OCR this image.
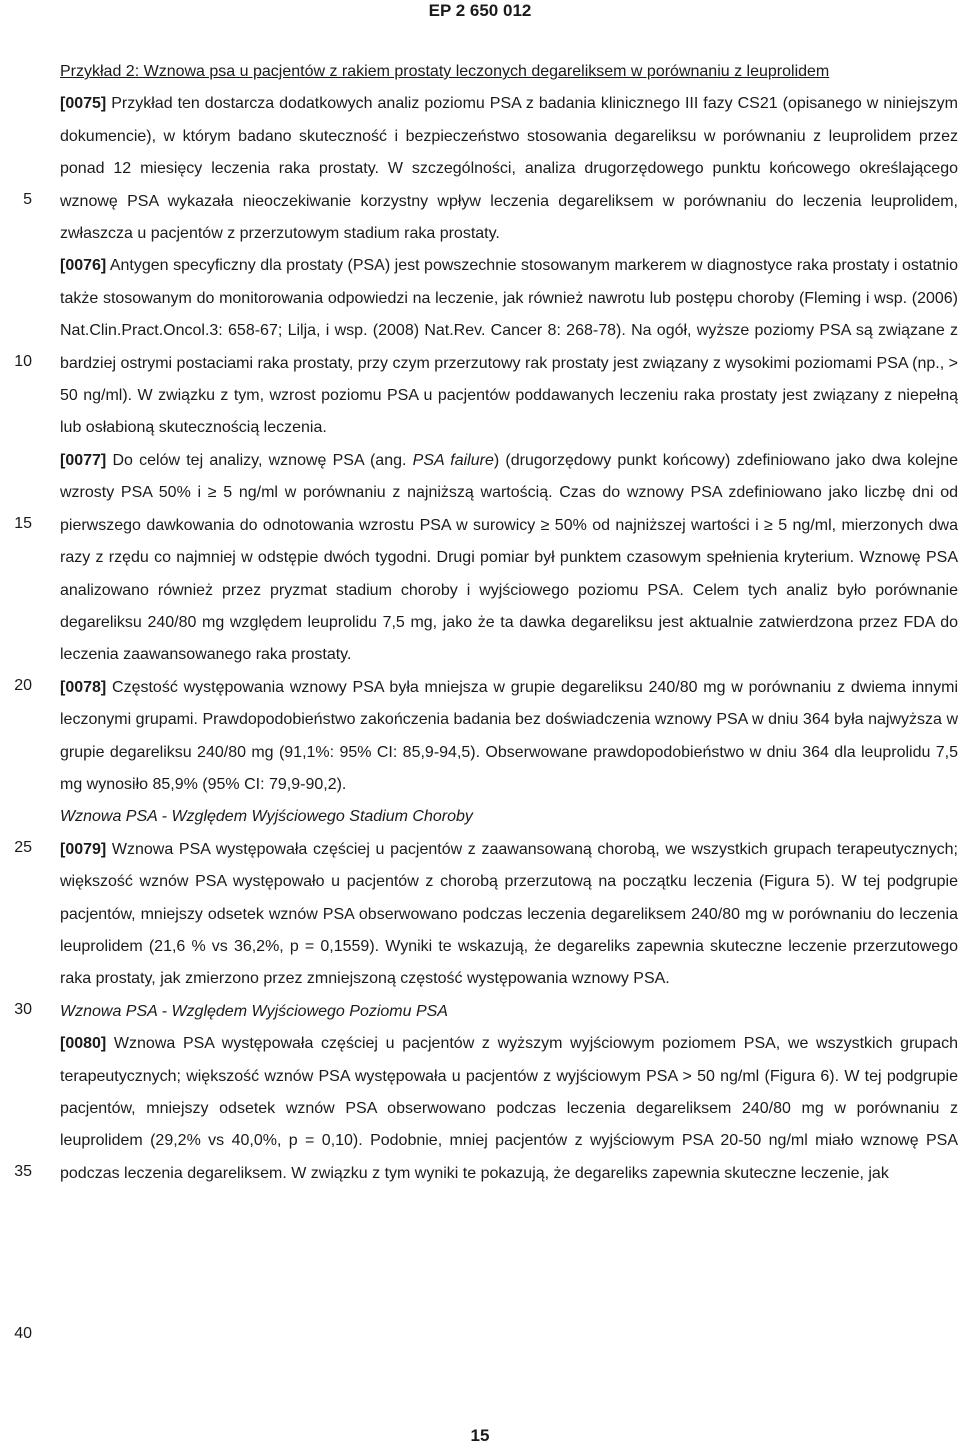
EP 2 650 012
5
10
15
20
25
30
35
40

Przykład 2: Wznowa psa u pacjentów z rakiem prostaty leczonych degareliksem w porównaniu z leuprolidem

[0075] Przykład ten dostarcza dodatkowych analiz poziomu PSA z badania klinicznego III fazy CS21 (opisanego w niniejszym dokumencie), w którym badano skuteczność i bezpieczeństwo stosowania degareliksu w porównaniu z leuprolidem przez ponad 12 miesięcy leczenia raka prostaty. W szczególności, analiza drugorzędowego punktu końcowego określającego wznowę PSA wykazała nieoczekiwanie korzystny wpływ leczenia degareliksem w porównaniu do leczenia leuprolidem, zwłaszcza u pacjentów z przerzutowym stadium raka prostaty.

[0076] Antygen specyficzny dla prostaty (PSA) jest powszechnie stosowanym markerem w diagnostyce raka prostaty i ostatnio także stosowanym do monitorowania odpowiedzi na leczenie, jak również nawrotu lub postępu choroby (Fleming i wsp. (2006) Nat.Clin.Pract.Oncol.3: 658-67; Lilja, i wsp. (2008) Nat.Rev. Cancer 8: 268-78). Na ogół, wyższe poziomy PSA są związane z bardziej ostrymi postaciami raka prostaty, przy czym przerzutowy rak prostaty jest związany z wysokimi poziomami PSA (np., > 50 ng/ml). W związku z tym, wzrost poziomu PSA u pacjentów poddawanych leczeniu raka prostaty jest związany z niepełną lub osłabioną skutecznością leczenia.

[0077] Do celów tej analizy, wznowę PSA (ang. PSA failure) (drugorzędowy punkt końcowy) zdefiniowano jako dwa kolejne wzrosty PSA 50% i ≥ 5 ng/ml w porównaniu z najniższą wartością. Czas do wznowy PSA zdefiniowano jako liczbę dni od pierwszego dawkowania do odnotowania wzrostu PSA w surowicy ≥ 50% od najniższej wartości i ≥ 5 ng/ml, mierzonych dwa razy z rzędu co najmniej w odstępie dwóch tygodni. Drugi pomiar był punktem czasowym spełnienia kryterium. Wznowę PSA analizowano również przez pryzmat stadium choroby i wyjściowego poziomu PSA. Celem tych analiz było porównanie degareliksu 240/80 mg względem leuprolidu 7,5 mg, jako że ta dawka degareliksu jest aktualnie zatwierdzona przez FDA do leczenia zaawansowanego raka prostaty.

[0078] Częstość występowania wznowy PSA była mniejsza w grupie degareliksu 240/80 mg w porównaniu z dwiema innymi leczonymi grupami. Prawdopodobieństwo zakończenia badania bez doświadczenia wznowy PSA w dniu 364 była najwyższa w grupie degareliksu 240/80 mg (91,1%: 95% CI: 85,9-94,5). Obserwowane prawdopodobieństwo w dniu 364 dla leuprolidu 7,5 mg wynosiło 85,9% (95% CI: 79,9-90,2).

Wznowa PSA - Względem Wyjściowego Stadium Choroby

[0079] Wznowa PSA występowała częściej u pacjentów z zaawansowaną chorobą, we wszystkich grupach terapeutycznych; większość wznów PSA występowało u pacjentów z chorobą przerzutową na początku leczenia (Figura 5). W tej podgrupie pacjentów, mniejszy odsetek wznów PSA obserwowano podczas leczenia degareliksem 240/80 mg w porównaniu do leczenia leuprolidem (21,6 % vs 36,2%, p = 0,1559). Wyniki te wskazują, że degareliks zapewnia skuteczne leczenie przerzutowego raka prostaty, jak zmierzono przez zmniejszoną częstość występowania wznowy PSA.

Wznowa PSA - Względem Wyjściowego Poziomu PSA

[0080] Wznowa PSA występowała częściej u pacjentów z wyższym wyjściowym poziomem PSA, we wszystkich grupach terapeutycznych; większość wznów PSA występowała u pacjentów z wyjściowym PSA > 50 ng/ml (Figura 6). W tej podgrupie pacjentów, mniejszy odsetek wznów PSA obserwowano podczas leczenia degareliksem 240/80 mg w porównaniu z leuprolidem (29,2% vs 40,0%, p = 0,10). Podobnie, mniej pacjentów z wyjściowym PSA 20-50 ng/ml miało wznowę PSA podczas leczenia degareliksem. W związku z tym wyniki te pokazują, że degareliks zapewnia skuteczne leczenie, jak

15
